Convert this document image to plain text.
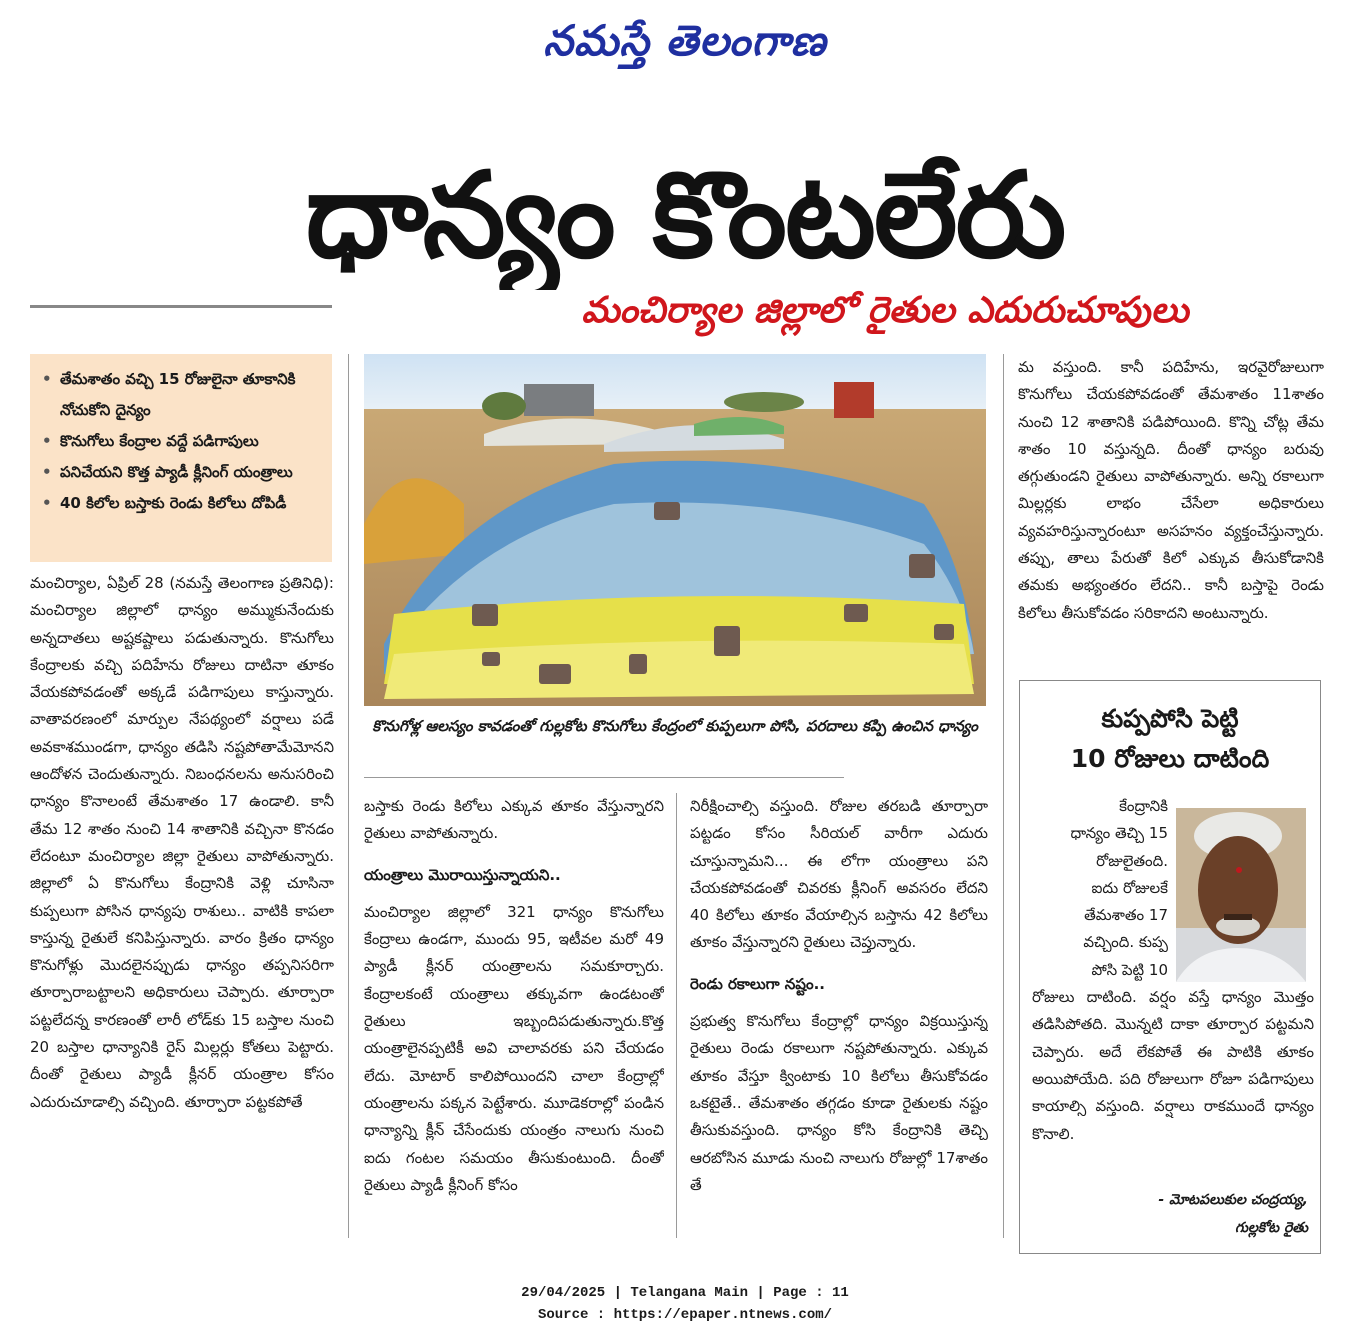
నమస్తే తెలంగాణ
ధాన్యం కొంటలేరు
మంచిర్యాల జిల్లాలో రైతుల ఎదురుచూపులు
• తేమశాతం వచ్చి 15 రోజులైనా తూకానికి నోచుకోని దైన్యం
• కొనుగోలు కేంద్రాల వద్దే పడిగాపులు
• పనిచేయని కొత్త ప్యాడీ క్లీనింగ్ యంత్రాలు
• 40 కిలోల బస్తాకు రెండు కిలోలు దోపిడీ
కొనుగోళ్ల ఆలస్యం కావడంతో గుల్లకోట కొనుగోలు కేంద్రంలో కుప్పలుగా పోసి, పరదాలు కప్పి ఉంచిన ధాన్యం

మంచిర్యాల, ఏప్రిల్ 28 (నమస్తే తెలంగాణ ప్రతినిధి): మంచిర్యాల జిల్లాలో ధాన్యం అమ్ముకునేందుకు అన్నదాతలు అష్టకష్టాలు పడుతున్నారు. కొనుగోలు కేంద్రాలకు వచ్చి పదిహేను రోజులు దాటినా తూకం వేయకపోవడంతో అక్కడే పడిగాపులు కాస్తున్నారు. వాతావరణంలో మార్పుల నేపథ్యంలో వర్షాలు పడే అవకాశముండగా, ధాన్యం తడిసి నష్టపోతామేమోనని ఆందోళన చెందుతున్నారు. నిబంధనలను అనుసరించి ధాన్యం కొనాలంటే తేమశాతం 17 ఉండాలి. కానీ తేమ 12 శాతం నుంచి 14 శాతానికి వచ్చినా కొనడం లేదంటూ మంచిర్యాల జిల్లా రైతులు వాపోతున్నారు. జిల్లాలో ఏ కొనుగోలు కేంద్రానికి వెళ్లి చూసినా కుప్పలుగా పోసిన ధాన్యపు రాశులు.. వాటికి కాపలా కాస్తున్న రైతులే కనిపిస్తున్నారు. వారం క్రితం ధాన్యం కొనుగోళ్లు మొదలైనప్పుడు ధాన్యం తప్పనిసరిగా తూర్పారాబట్టాలని అధికారులు చెప్పారు. తూర్పారా పట్టలేదన్న కారణంతో లారీ లోడ్‌కు 15 బస్తాల నుంచి 20 బస్తాల ధాన్యానికి రైస్ మిల్లర్లు కోతలు పెట్టారు. దీంతో రైతులు ప్యాడీ క్లీనర్ యంత్రాల కోసం ఎదురుచూడాల్సి వచ్చింది. తూర్పారా పట్టకపోతే

బస్తాకు రెండు కిలోలు ఎక్కువ తూకం వేస్తున్నారని రైతులు వాపోతున్నారు.

యంత్రాలు మొరాయిస్తున్నాయని..

మంచిర్యాల జిల్లాలో 321 ధాన్యం కొనుగోలు కేంద్రాలు ఉండగా, ముందు 95, ఇటీవల మరో 49 ప్యాడీ క్లీనర్ యంత్రాలను సమకూర్చారు. కేంద్రాలకంటే యంత్రాలు తక్కువగా ఉండటంతో రైతులు ఇబ్బందిపడుతున్నారు.కొత్త యంత్రాలైనప్పటికీ అవి చాలావరకు పని చేయడం లేదు. మోటార్ కాలిపోయిందని చాలా కేంద్రాల్లో యంత్రాలను పక్కన పెట్టేశారు. మూడెకరాల్లో పండిన ధాన్యాన్ని క్లీన్ చేసేందుకు యంత్రం నాలుగు నుంచి ఐదు గంటల సమయం తీసుకుంటుంది. దీంతో రైతులు ప్యాడీ క్లీనింగ్ కోసం

నిరీక్షించాల్సి వస్తుంది. రోజుల తరబడి తూర్పారా పట్టడం కోసం సీరియల్ వారీగా ఎదురు చూస్తున్నామని... ఈ లోగా యంత్రాలు పని చేయకపోవడంతో చివరకు క్లీనింగ్ అవసరం లేదని 40 కిలోలు తూకం వేయాల్సిన బస్తాను 42 కిలోలు తూకం వేస్తున్నారని రైతులు చెప్తున్నారు.

రెండు రకాలుగా నష్టం..

ప్రభుత్వ కొనుగోలు కేంద్రాల్లో ధాన్యం విక్రయిస్తున్న రైతులు రెండు రకాలుగా నష్టపోతున్నారు. ఎక్కువ తూకం వేస్తూ క్వింటాకు 10 కిలోలు తీసుకోవడం ఒకటైతే.. తేమశాతం తగ్గడం కూడా రైతులకు నష్టం తీసుకువస్తుంది. ధాన్యం కోసి కేంద్రానికి తెచ్చి ఆరబోసిన మూడు నుంచి నాలుగు రోజుల్లో 17శాతం తే

మ వస్తుంది. కానీ పదిహేను, ఇరవైరోజులుగా కొనుగోలు చేయకపోవడంతో తేమశాతం 11శాతం నుంచి 12 శాతానికి పడిపోయింది. కొన్ని చోట్ల తేమ శాతం 10 వస్తున్నది. దీంతో ధాన్యం బరువు తగ్గుతుండని రైతులు వాపోతున్నారు. అన్ని రకాలుగా మిల్లర్లకు లాభం చేసేలా అధికారులు వ్యవహరిస్తున్నారంటూ అసహనం వ్యక్తంచేస్తున్నారు. తప్పు, తాలు పేరుతో కిలో ఎక్కువ తీసుకోడానికి తమకు అభ్యంతరం లేదని.. కానీ బస్తాపై రెండు కిలోలు తీసుకోవడం సరికాదని అంటున్నారు.

కుప్పపోసి పెట్టి
10 రోజులు దాటింది
కేంద్రానికి
ధాన్యం తెచ్చి 15
రోజులైతంది.
ఐదు రోజులకే
తేమశాతం 17
వచ్చింది. కుప్ప
పోసి పెట్టి 10
రోజులు దాటింది. వర్షం వస్తే ధాన్యం మొత్తం తడిసిపోతది. మొన్నటి దాకా తూర్పార పట్టమని చెప్పారు. అదే లేకపోతే ఈ పాటికి తూకం అయిపోయేది. పది రోజులుగా రోజూ పడిగాపులు కాయాల్సి వస్తుంది. వర్షాలు రాకముందే ధాన్యం కొనాలి.
- మోటపలుకుల చంద్రయ్య,
గుల్లకోట రైతు
29/04/2025 | Telangana Main | Page : 11
Source : https://epaper.ntnews.com/
